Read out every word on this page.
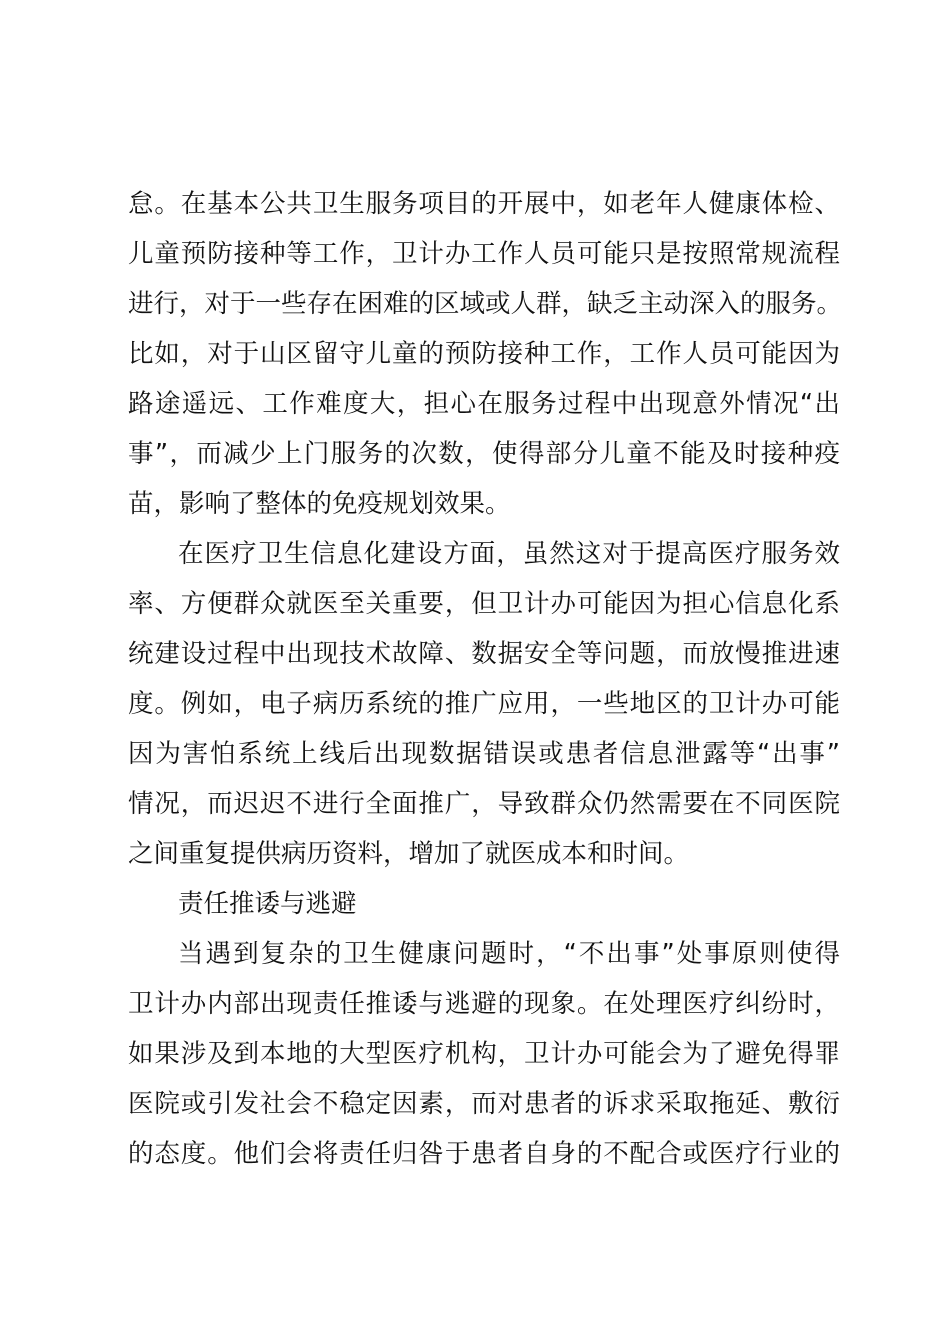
怠。在基本公共卫生服务项目的开展中，如老年人健康体检、
儿童预防接种等工作，卫计办工作人员可能只是按照常规流程
进行，对于一些存在困难的区域或人群，缺乏主动深入的服务。
比如，对于山区留守儿童的预防接种工作，工作人员可能因为
路途遥远、工作难度大，担心在服务过程中出现意外情况“出
事”，而减少上门服务的次数，使得部分儿童不能及时接种疫
苗，影响了整体的免疫规划效果。
在医疗卫生信息化建设方面，虽然这对于提高医疗服务效
率、方便群众就医至关重要，但卫计办可能因为担心信息化系
统建设过程中出现技术故障、数据安全等问题，而放慢推进速
度。例如，电子病历系统的推广应用，一些地区的卫计办可能
因为害怕系统上线后出现数据错误或患者信息泄露等“出事”
情况，而迟迟不进行全面推广，导致群众仍然需要在不同医院
之间重复提供病历资料，增加了就医成本和时间。
责任推诿与逃避
当遇到复杂的卫生健康问题时，“不出事”处事原则使得
卫计办内部出现责任推诿与逃避的现象。在处理医疗纠纷时，
如果涉及到本地的大型医疗机构，卫计办可能会为了避免得罪
医院或引发社会不稳定因素，而对患者的诉求采取拖延、敷衍
的态度。他们会将责任归咎于患者自身的不配合或医疗行业的
